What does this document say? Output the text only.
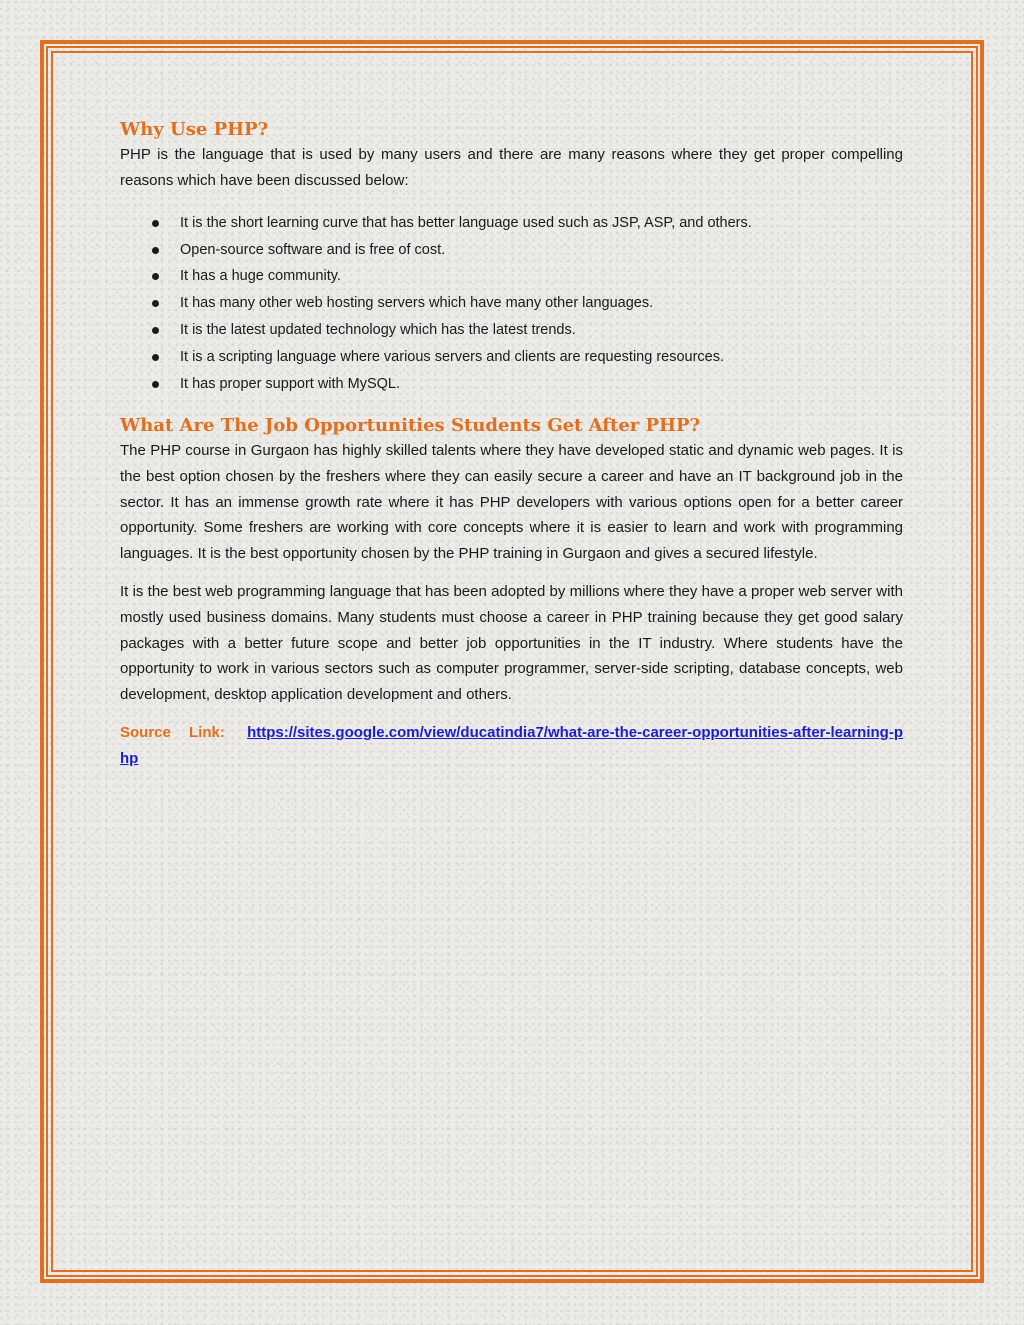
Why Use PHP?

PHP is the language that is used by many users and there are many reasons where they get proper compelling reasons which have been discussed below:

It is the short learning curve that has better language used such as JSP, ASP, and others.
Open-source software and is free of cost.
It has a huge community.
It has many other web hosting servers which have many other languages.
It is the latest updated technology which has the latest trends.
It is a scripting language where various servers and clients are requesting resources.
It has proper support with MySQL.
What Are The Job Opportunities Students Get After PHP?

The PHP course in Gurgaon has highly skilled talents where they have developed static and dynamic web pages. It is the best option chosen by the freshers where they can easily secure a career and have an IT background job in the sector. It has an immense growth rate where it has PHP developers with various options open for a better career opportunity. Some freshers are working with core concepts where it is easier to learn and work with programming languages. It is the best opportunity chosen by the PHP training in Gurgaon and gives a secured lifestyle.

It is the best web programming language that has been adopted by millions where they have a proper web server with mostly used business domains. Many students must choose a career in PHP training because they get good salary packages with a better future scope and better job opportunities in the IT industry. Where students have the opportunity to work in various sectors such as computer programmer, server-side scripting, database concepts, web development, desktop application development and others.

Source Link: https://sites.google.com/view/ducatindia7/what-are-the-career-opportunities-after-learning-php
